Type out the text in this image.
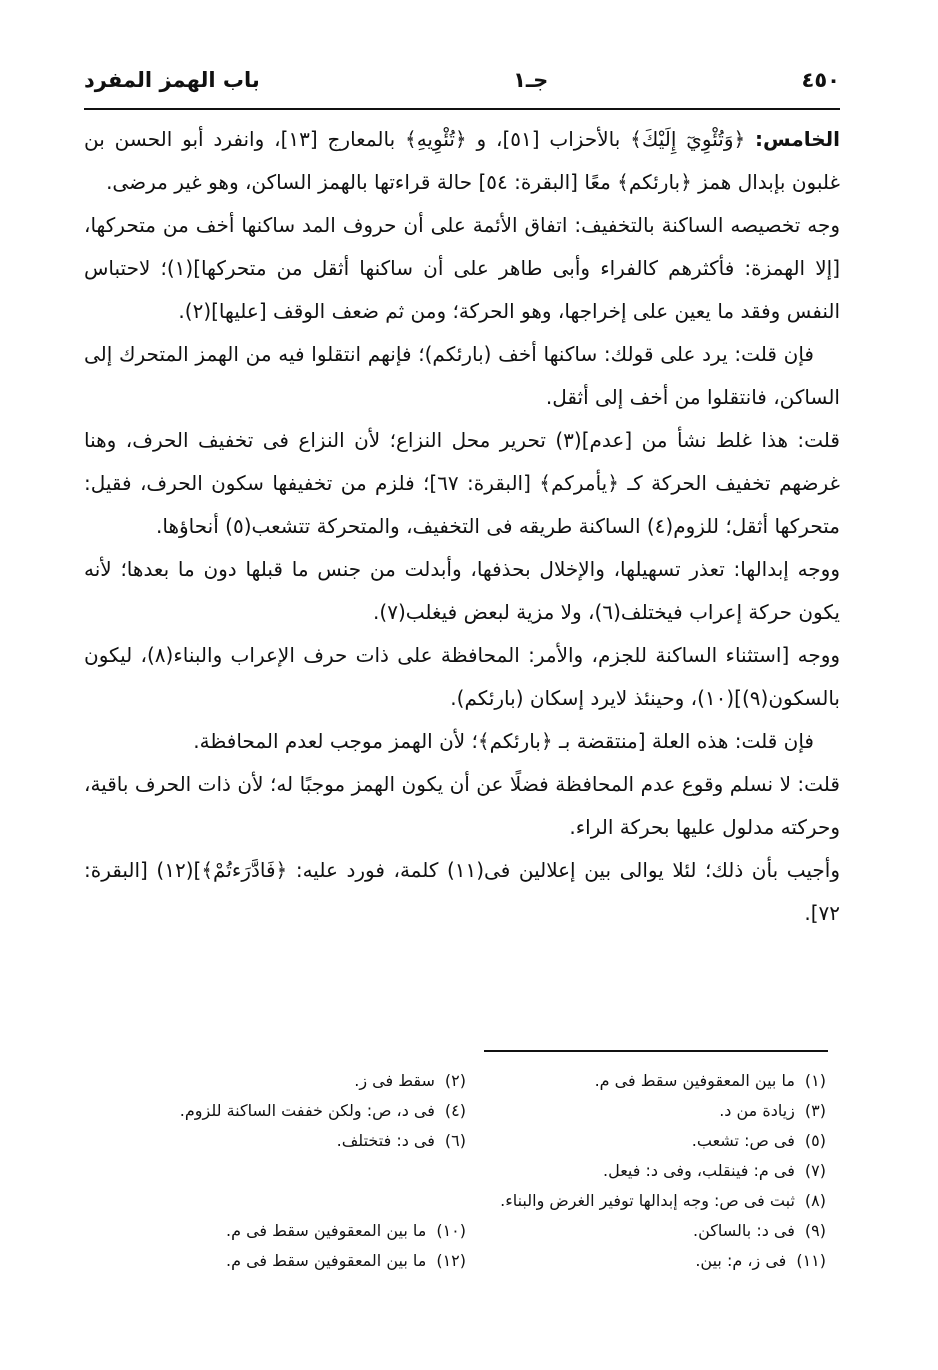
٤٥٠
جـ١
باب الهمز المفرد

الخامس: ﴿وَتُئْوِيٓ إِلَيْكَ﴾ بالأحزاب [٥١]، و ﴿تُئْوِيهِ﴾ بالمعارج [١٣]، وانفرد أبو الحسن بن غلبون بإبدال همز ﴿بارئكم﴾ معًا [البقرة: ٥٤] حالة قراءتها بالهمز الساكن، وهو غير مرضى.

وجه تخصيصه الساكنة بالتخفيف: اتفاق الأئمة على أن حروف المد ساكنها أخف من متحركها، [إلا الهمزة: فأكثرهم كالفراء وأبى طاهر على أن ساكنها أثقل من متحركها](١)؛ لاحتباس النفس وفقد ما يعين على إخراجها، وهو الحركة؛ ومن ثم ضعف الوقف [عليها](٢).

فإن قلت: يرد على قولك: ساكنها أخف (بارئكم)؛ فإنهم انتقلوا فيه من الهمز المتحرك إلى الساكن، فانتقلوا من أخف إلى أثقل.

قلت: هذا غلط نشأ من [عدم](٣) تحرير محل النزاع؛ لأن النزاع فى تخفيف الحرف، وهنا غرضهم تخفيف الحركة كـ ﴿يأمركم﴾ [البقرة: ٦٧]؛ فلزم من تخفيفها سكون الحرف، فقيل: متحركها أثقل؛ للزوم(٤) الساكنة طريقه فى التخفيف، والمتحركة تتشعب(٥) أنحاؤها.

ووجه إبدالها: تعذر تسهيلها، والإخلال بحذفها، وأبدلت من جنس ما قبلها دون ما بعدها؛ لأنه يكون حركة إعراب فيختلف(٦)، ولا مزية لبعض فيغلب(٧).

ووجه [استثناء الساكنة للجزم، والأمر: المحافظة على ذات حرف الإعراب والبناء(٨)، ليكون بالسكون(٩)](١٠)، وحينئذ لايرد إسكان (بارئكم).

فإن قلت: هذه العلة [منتقضة بـ ﴿بارئكم﴾؛ لأن الهمز موجب لعدم المحافظة.

قلت: لا نسلم وقوع عدم المحافظة فضلًا عن أن يكون الهمز موجبًا له؛ لأن ذات الحرف باقية، وحركته مدلول عليها بحركة الراء.

وأجيب بأن ذلك؛ لئلا يوالى بين إعلالين فى(١١) كلمة، فورد عليه: ﴿فَادَّرَءتُمْ﴾](١٢) [البقرة: ٧٢].

(١)ما بين المعقوفين سقط فى م.
(٢)سقط فى ز.
(٣)زيادة من د.
(٤)فى د، ص: ولكن خففت الساكنة للزوم.
(٥)فى ص: تشعب.
(٦)فى د: فتختلف.
(٧)فى م: فينقلب، وفى د: فيعل.
(٨)ثبت فى ص: وجه إبدالها توفير الغرض والبناء.
(٩)فى د: بالساكن.
(١٠)ما بين المعقوفين سقط فى م.
(١١)فى ز، م: بين.
(١٢)ما بين المعقوفين سقط فى م.
